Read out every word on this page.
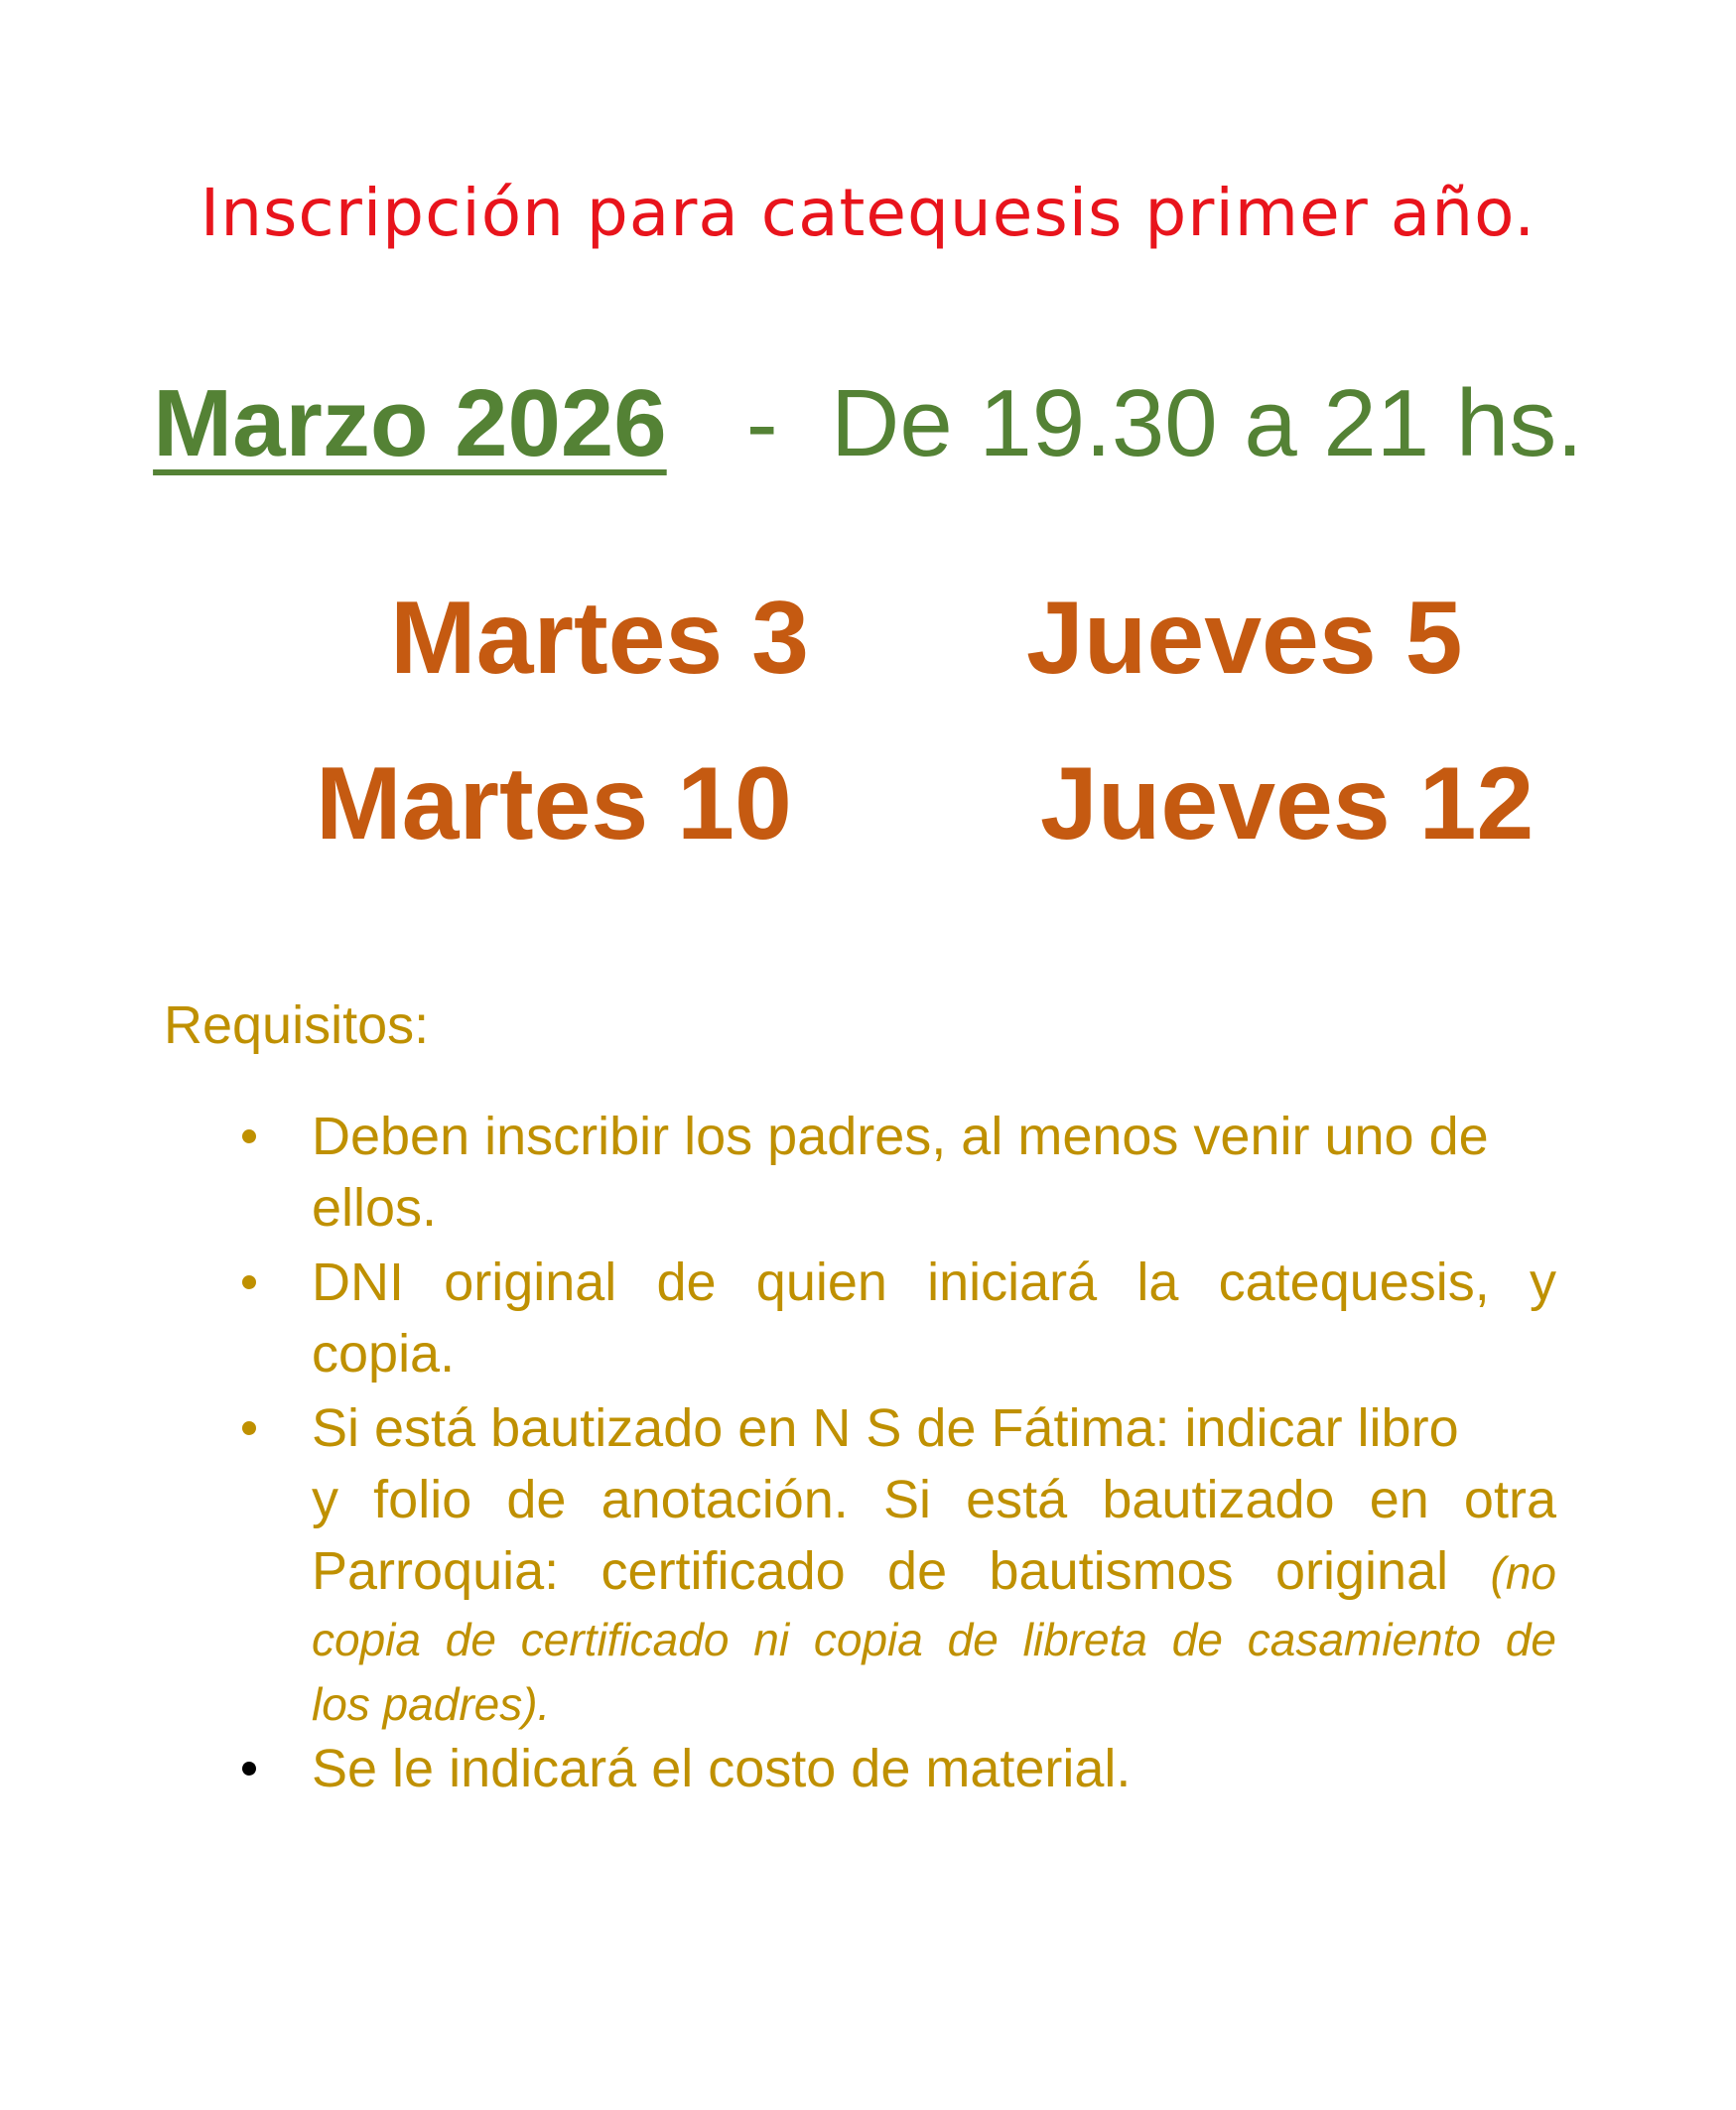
Inscripción para catequesis primer año.
Marzo 2026 - De 19.30 a 21 hs.
Martes 3 Jueves 5
Martes 10 Jueves 12
Requisitos:
Deben inscribir los padres, al menos venir uno de
ellos.
DNI original de quien iniciará la catequesis, y
copia.
Si está bautizado en N S de Fátima: indicar libro
y folio de anotación. Si está bautizado en otra
Parroquia: certificado de bautismos original (no
copia de certificado ni copia de libreta de casamiento de
los padres).
Se le indicará el costo de material.
